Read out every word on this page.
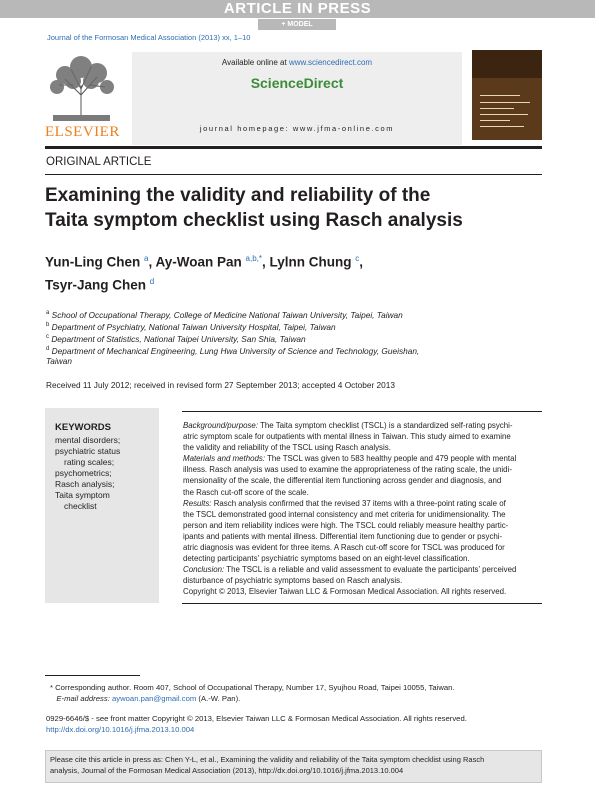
ARTICLE IN PRESS
+ MODEL
Journal of the Formosan Medical Association (2013) xx, 1–10
ELSEVIER
Available online at www.sciencedirect.com
ScienceDirect
journal homepage: www.jfma-online.com
ORIGINAL ARTICLE
Examining the validity and reliability of the
Taita symptom checklist using Rasch analysis
Yun-Ling Chen $^a$, Ay-Woan Pan $^{a,b,*}$, Lylnn Chung $^c$,
Tsyr-Jang Chen $^d$
$^a$ School of Occupational Therapy, College of Medicine National Taiwan University, Taipei, Taiwan
$^b$ Department of Psychiatry, National Taiwan University Hospital, Taipei, Taiwan
$^c$ Department of Statistics, National Taipei University, San Shia, Taiwan
$^d$ Department of Mechanical Engineering, Lung Hwa University of Science and Technology, Gueishan,
Taiwan
Received 11 July 2012; received in revised form 27 September 2013; accepted 4 October 2013
KEYWORDS
mental disorders;
psychiatric status
rating scales;
psychometrics;
Rasch analysis;
Taita symptom
checklist

Background/purpose: The Taita symptom checklist (TSCL) is a standardized self-rating psychi-

atric symptom scale for outpatients with mental illness in Taiwan. This study aimed to examine

the validity and reliability of the TSCL using Rasch analysis.

Materials and methods: The TSCL was given to 583 healthy people and 479 people with mental

illness. Rasch analysis was used to examine the appropriateness of the rating scale, the unidi-

mensionality of the scale, the differential item functioning across gender and diagnosis, and

the Rasch cut-off score of the scale.

Results: Rasch analysis confirmed that the revised 37 items with a three-point rating scale of

the TSCL demonstrated good internal consistency and met criteria for unidimensionality. The

person and item reliability indices were high. The TSCL could reliably measure healthy partic-

ipants and patients with mental illness. Differential item functioning due to gender or psychi-

atric diagnosis was evident for three items. A Rasch cut-off score for TSCL was produced for

detecting participants’ psychiatric symptoms based on an eight-level classification.

Conclusion: The TSCL is a reliable and valid assessment to evaluate the participants’ perceived

disturbance of psychiatric symptoms based on Rasch analysis.

Copyright © 2013, Elsevier Taiwan LLC & Formosan Medical Association. All rights reserved.

* Corresponding author. Room 407, School of Occupational Therapy, Number 17, Syujhou Road, Taipei 10055, Taiwan.
E-mail address: aywoan.pan@gmail.com (A.-W. Pan).
0929-6646/$ - see front matter Copyright © 2013, Elsevier Taiwan LLC & Formosan Medical Association. All rights reserved.
http://dx.doi.org/10.1016/j.jfma.2013.10.004
Please cite this article in press as: Chen Y-L, et al., Examining the validity and reliability of the Taita symptom checklist using Rasch
analysis, Journal of the Formosan Medical Association (2013), http://dx.doi.org/10.1016/j.jfma.2013.10.004
